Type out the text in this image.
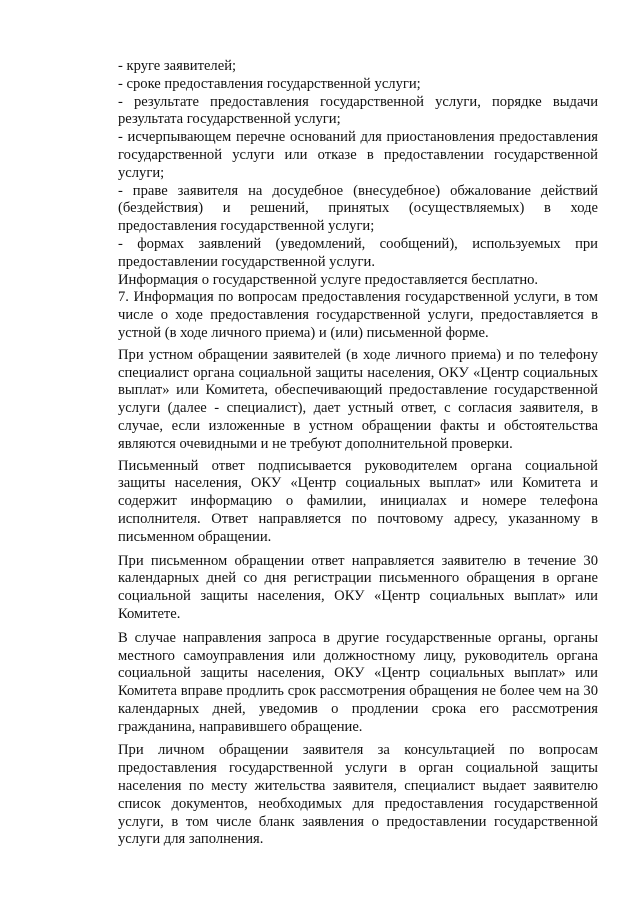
- круге заявителей;

- сроке предоставления государственной услуги;

- результате предоставления государственной услуги, порядке выдачи результата государственной услуги;

- исчерпывающем перечне оснований для приостановления предоставления государственной услуги или отказе в предоставлении государственной услуги;

- праве заявителя на досудебное (внесудебное) обжалование действий (бездействия) и решений, принятых (осуществляемых) в ходе предоставления государственной услуги;

- формах заявлений (уведомлений, сообщений), используемых при предоставлении государственной услуги.

Информация о государственной услуге предоставляется бесплатно.

7. Информация по вопросам предоставления государственной услуги, в том числе о ходе предоставления государственной услуги, предоставляется в устной (в ходе личного приема) и (или) письменной форме.

При устном обращении заявителей (в ходе личного приема) и по телефону специалист органа социальной защиты населения, ОКУ «Центр социальных выплат» или Комитета, обеспечивающий предоставление государственной услуги (далее - специалист), дает устный ответ, с согласия заявителя, в случае, если изложенные в устном обращении факты и обстоятельства являются очевидными и не требуют дополнительной проверки.

Письменный ответ подписывается руководителем органа социальной защиты населения, ОКУ «Центр социальных выплат» или Комитета и содержит информацию о фамилии, инициалах и номере телефона исполнителя. Ответ направляется по почтовому адресу, указанному в письменном обращении.

При письменном обращении ответ направляется заявителю в течение 30 календарных дней со дня регистрации письменного обращения в органе социальной защиты населения, ОКУ «Центр социальных выплат» или Комитете.

В случае направления запроса в другие государственные органы, органы местного самоуправления или должностному лицу, руководитель органа социальной защиты населения, ОКУ «Центр социальных выплат» или Комитета вправе продлить срок рассмотрения обращения не более чем на 30 календарных дней, уведомив о продлении срока его рассмотрения гражданина, направившего обращение.

При личном обращении заявителя за консультацией по вопросам предоставления государственной услуги в орган социальной защиты населения по месту жительства заявителя, специалист выдает заявителю список документов, необходимых для предоставления государственной услуги, в том числе бланк заявления о предоставлении государственной услуги для заполнения.
